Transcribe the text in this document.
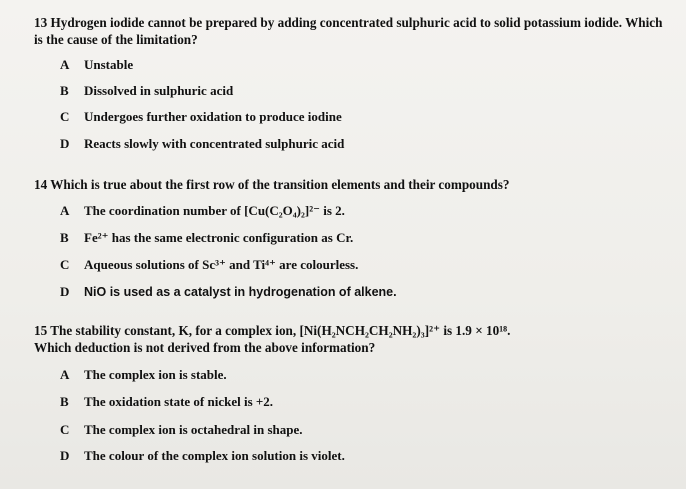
13 Hydrogen iodide cannot be prepared by adding concentrated sulphuric acid to solid potassium iodide. Which is the cause of the limitation?
A Unstable
B Dissolved in sulphuric acid
C Undergoes further oxidation to produce iodine
D Reacts slowly with concentrated sulphuric acid
14 Which is true about the first row of the transition elements and their compounds?
A The coordination number of [Cu(C₂O₄)₂]²⁻ is 2.
B Fe²⁺ has the same electronic configuration as Cr.
C Aqueous solutions of Sc³⁺ and Ti⁴⁺ are colourless.
D NiO is used as a catalyst in hydrogenation of alkene.
15 The stability constant, K, for a complex ion, [Ni(H₂NCH₂CH₂NH₂)₃]²⁺ is 1.9 × 10¹⁸.
Which deduction is not derived from the above information?
A The complex ion is stable.
B The oxidation state of nickel is +2.
C The complex ion is octahedral in shape.
D The colour of the complex ion solution is violet.
